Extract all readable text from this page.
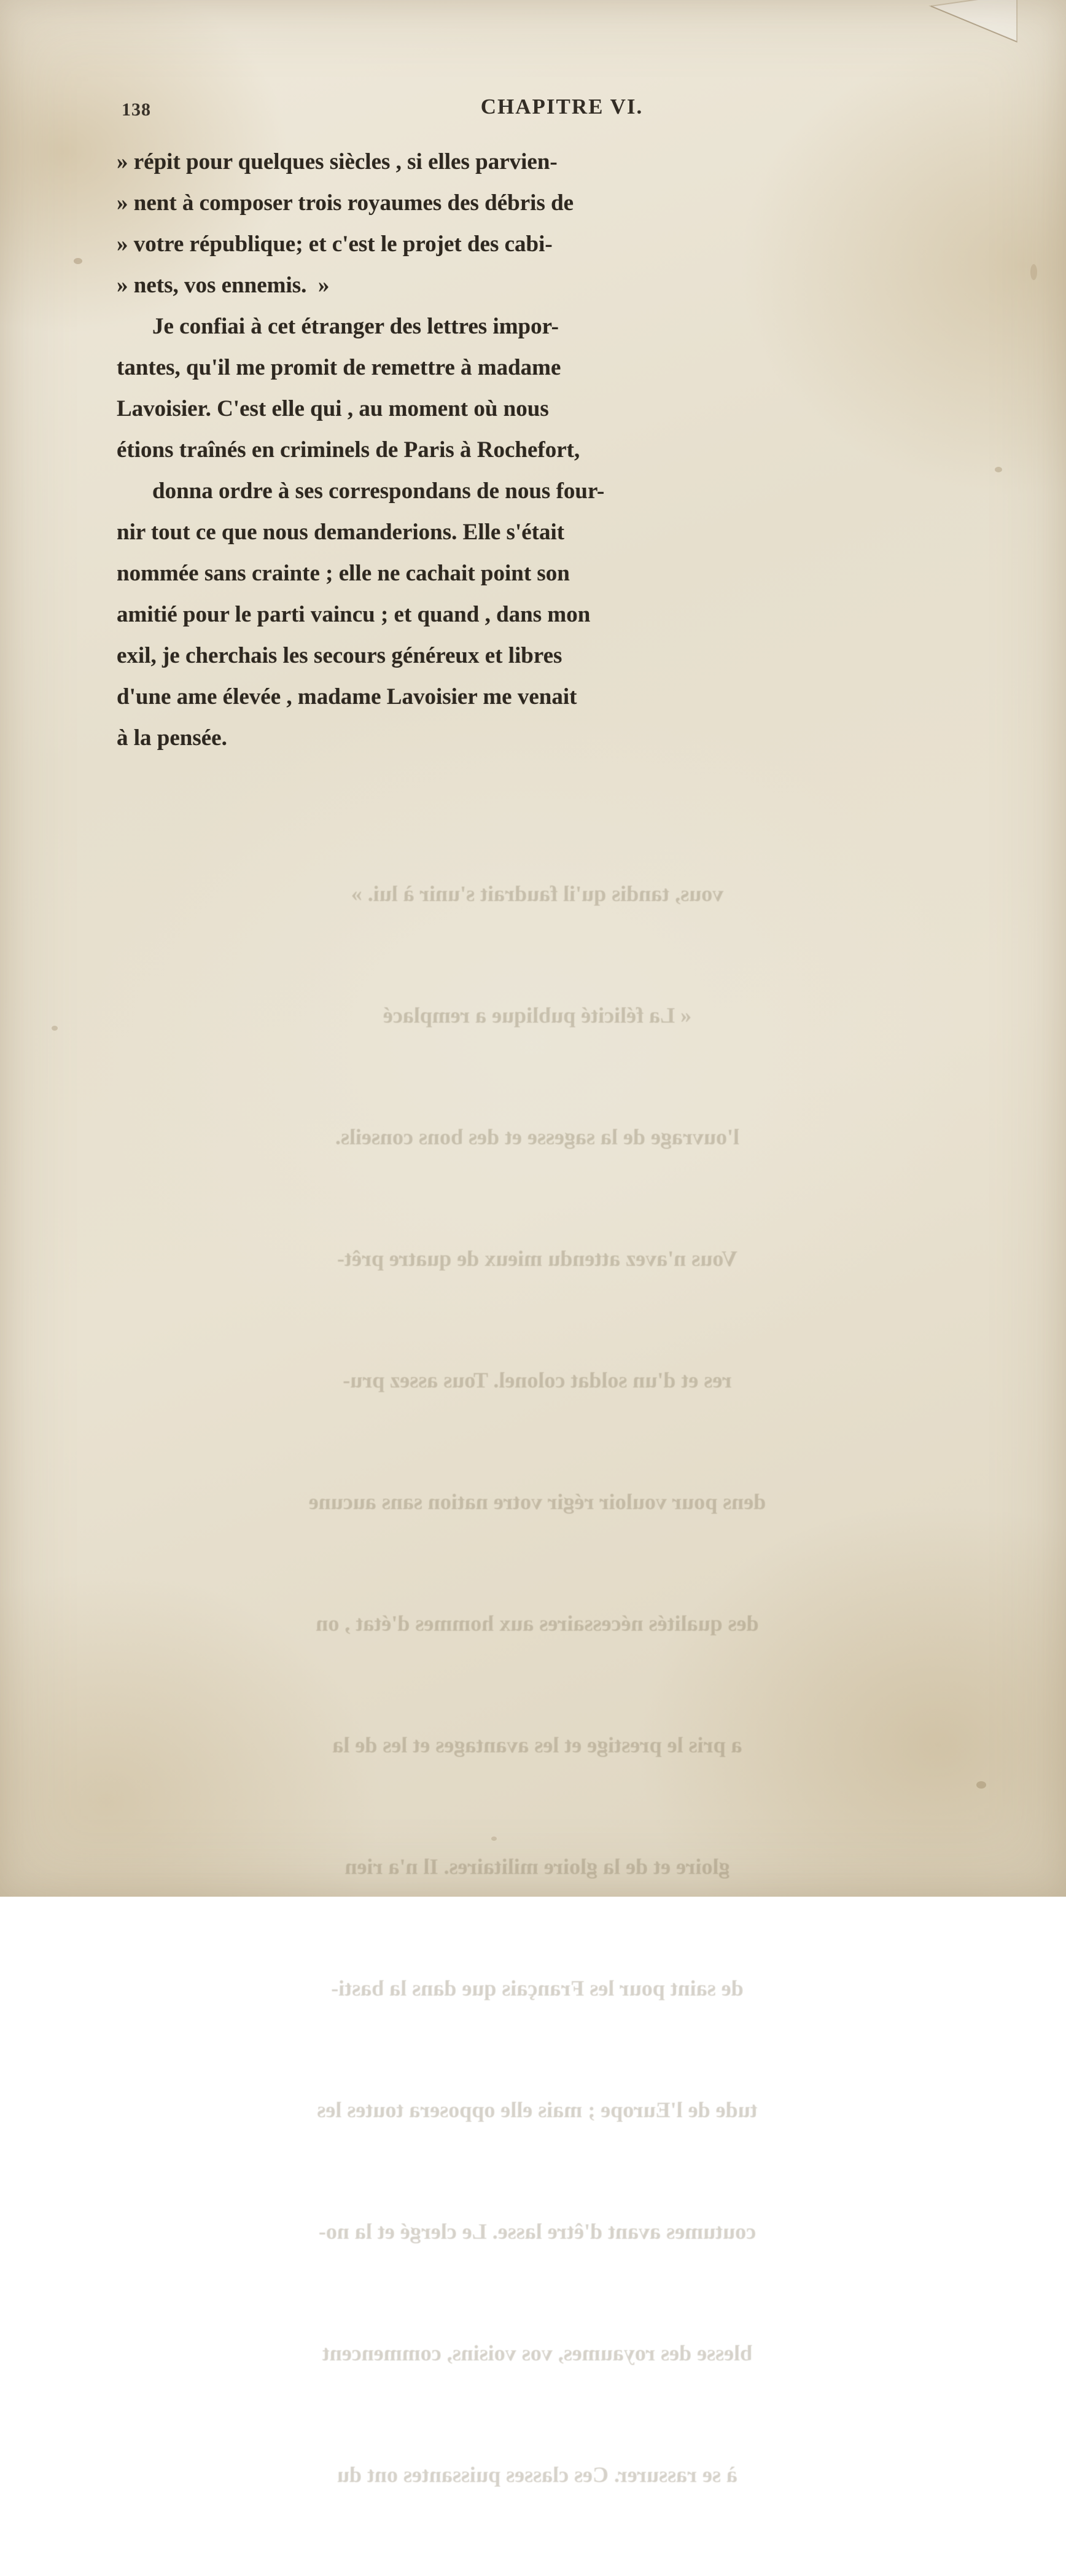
vous, tandis qu'il faudrait s'unir à lui. »

« La félicité publique a remplacé

l'ouvrage de la sagesse et des bons conseils.

Vous n'avez attendu mieux de quatre prêt-

res et d'un soldat colonel. Tous assez pru-

dens pour vouloir régir votre nation sans aucune

des qualités nécessaires aux hommes d'état , on

a pris le prestige et les avantages et les de la

gloire et de la gloire militaires. Il n'a rien

de saint pour les Français que dans la basti-

tude de l'Europe ; mais elle opposera toutes les

coutumes avant d'être lasse. Le clergé et la no-

blesse des royaumes, vos voisins, commencent

à se rassurer. Ces classes puissantes ont du

138	CHAPITRE VI.
» répit pour quelques siècles , si elles parvien-
» nent à composer trois royaumes des débris de
» votre république; et c'est le projet des cabi-
» nets, vos ennemis.  »
Je confiai à cet étranger des lettres impor-
tantes, qu'il me promit de remettre à madame
Lavoisier. C'est elle qui , au moment où nous
étions traînés en criminels de Paris à Rochefort,
donna ordre à ses correspondans de nous four-
nir tout ce que nous demanderions. Elle s'était
nommée sans crainte ; elle ne cachait point son
amitié pour le parti vaincu ; et quand , dans mon
exil, je cherchais les secours généreux et libres
d'une ame élevée , madame Lavoisier me venait
à la pensée.
